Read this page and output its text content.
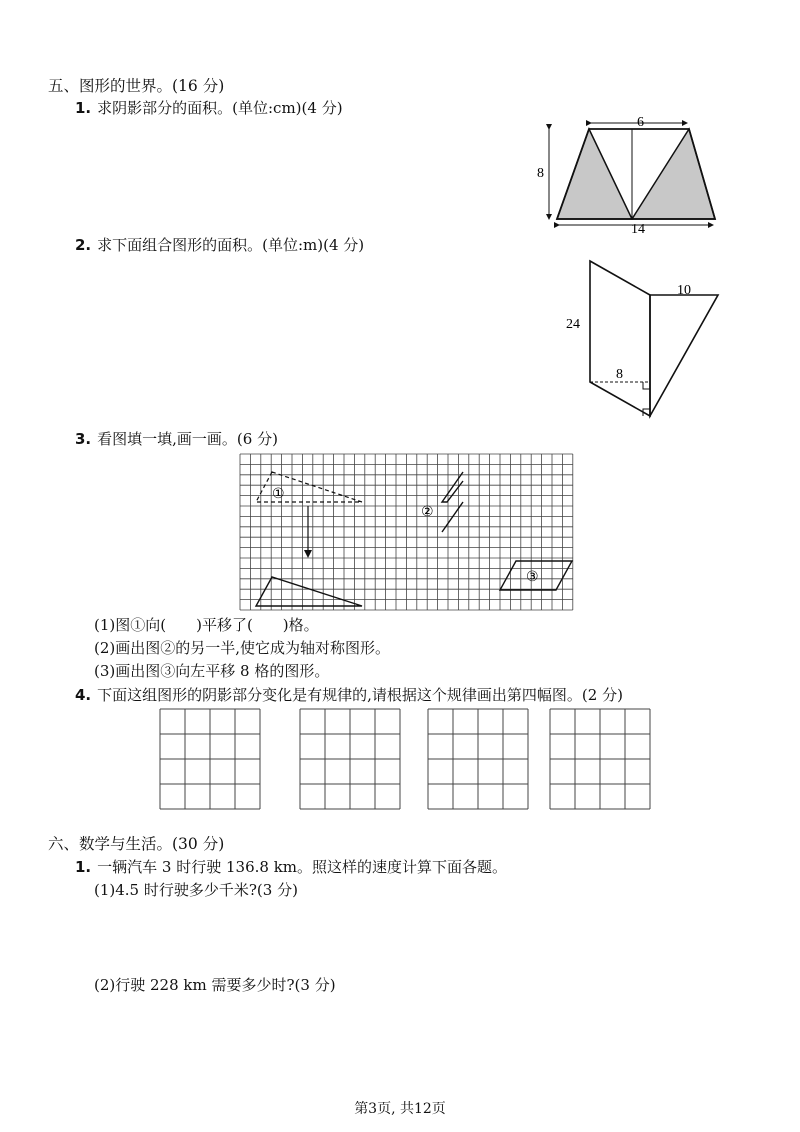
五、图形的世界。(16 分)
1. 求阴影部分的面积。(单位:cm)(4 分)
6
8
14
2. 求下面组合图形的面积。(单位:m)(4 分)
24
10
8
3. 看图填一填,画一画。(6 分)
①
②
③
(1)图①向(　　)平移了(　　)格。
(2)画出图②的另一半,使它成为轴对称图形。
(3)画出图③向左平移 8 格的图形。
4. 下面这组图形的阴影部分变化是有规律的,请根据这个规律画出第四幅图。(2 分)
六、数学与生活。(30 分)
1. 一辆汽车 3 时行驶 136.8 km。照这样的速度计算下面各题。
(1)4.5 时行驶多少千米?(3 分)
(2)行驶 228 km 需要多少时?(3 分)
第3页, 共12页
